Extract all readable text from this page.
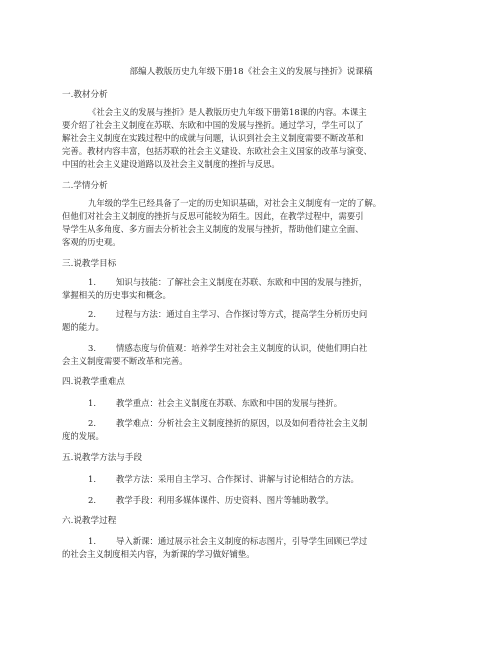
部编人教版历史九年级下册18《社会主义的发展与挫折》说课稿
一.教材分析
《社会主义的发展与挫折》是人教版历史九年级下册第18课的内容。本课主
要介绍了社会主义制度在苏联、东欧和中国的发展与挫折。通过学习，学生可以了
解社会主义制度在实践过程中的成就与问题，认识到社会主义制度需要不断改革和
完善。教材内容丰富，包括苏联的社会主义建设、东欧社会主义国家的改革与演变、
中国的社会主义建设道路以及社会主义制度的挫折与反思。
二.学情分析
九年级的学生已经具备了一定的历史知识基础，对社会主义制度有一定的了解。
但他们对社会主义制度的挫折与反思可能较为陌生。因此，在教学过程中，需要引
导学生从多角度、多方面去分析社会主义制度的发展与挫折，帮助他们建立全面、
客观的历史观。
三.说教学目标
1. 知识与技能：了解社会主义制度在苏联、东欧和中国的发展与挫折，
掌握相关的历史事实和概念。
2. 过程与方法：通过自主学习、合作探讨等方式，提高学生分析历史问
题的能力。
3. 情感态度与价值观：培养学生对社会主义制度的认识，使他们明白社
会主义制度需要不断改革和完善。
四.说教学重难点
1. 教学重点：社会主义制度在苏联、东欧和中国的发展与挫折。
2. 教学难点：分析社会主义制度挫折的原因，以及如何看待社会主义制
度的发展。
五.说教学方法与手段
1. 教学方法：采用自主学习、合作探讨、讲解与讨论相结合的方法。
2. 教学手段：利用多媒体课件、历史资料、图片等辅助教学。
六.说教学过程
1. 导入新课：通过展示社会主义制度的标志图片，引导学生回顾已学过
的社会主义制度相关内容，为新课的学习做好铺垫。
